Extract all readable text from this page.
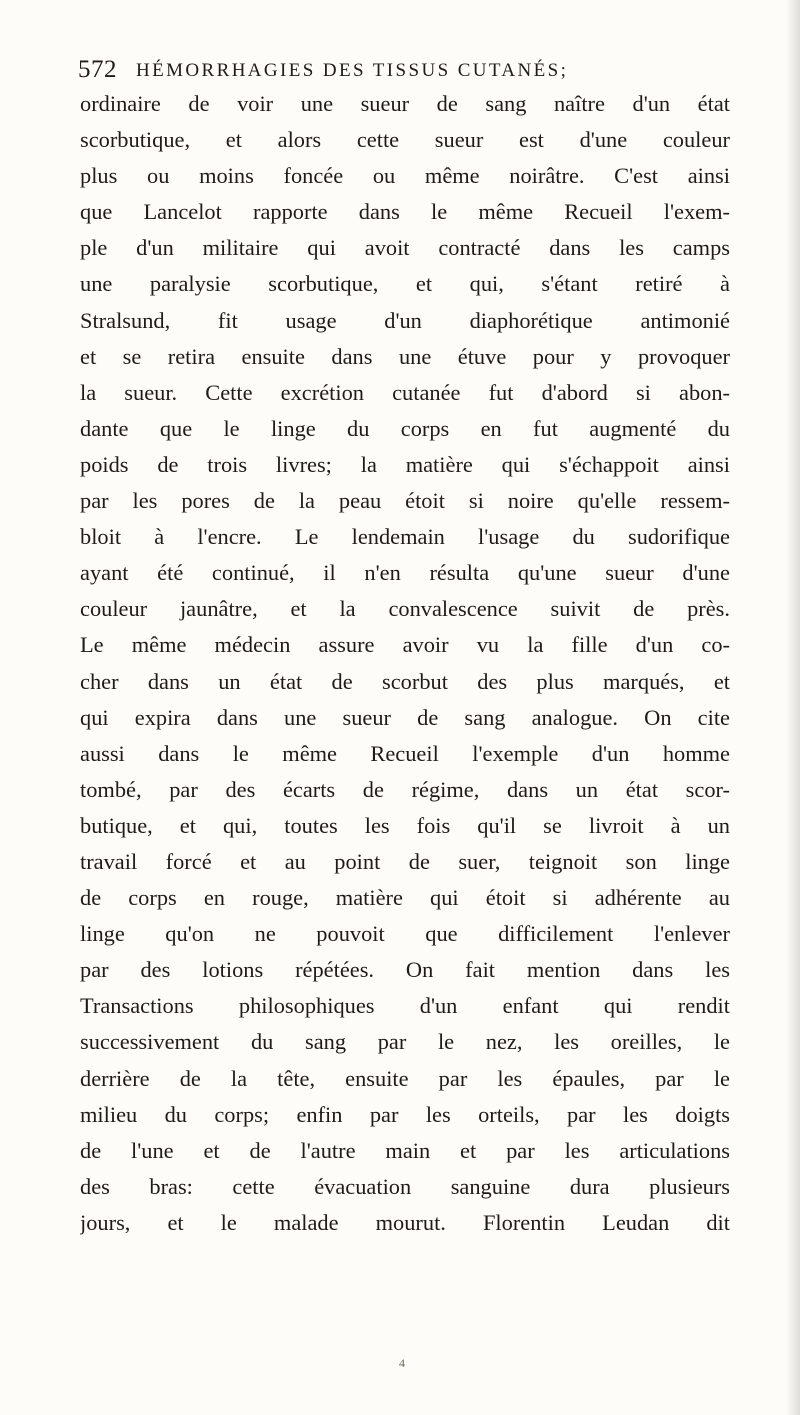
572 HÉMORRHAGIES DES TISSUS CUTANÉS;
ordinaire de voir une sueur de sang naître d'un état
scorbutique, et alors cette sueur est d'une couleur
plus ou moins foncée ou même noirâtre. C'est ainsi
que Lancelot rapporte dans le même Recueil l'exem-
ple d'un militaire qui avoit contracté dans les camps
une paralysie scorbutique, et qui, s'étant retiré à
Stralsund, fit usage d'un diaphorétique antimonié
et se retira ensuite dans une étuve pour y provoquer
la sueur. Cette excrétion cutanée fut d'abord si abon-
dante que le linge du corps en fut augmenté du
poids de trois livres; la matière qui s'échappoit ainsi
par les pores de la peau étoit si noire qu'elle ressem-
bloit à l'encre. Le lendemain l'usage du sudorifique
ayant été continué, il n'en résulta qu'une sueur d'une
couleur jaunâtre, et la convalescence suivit de près.
Le même médecin assure avoir vu la fille d'un co-
cher dans un état de scorbut des plus marqués, et
qui expira dans une sueur de sang analogue. On cite
aussi dans le même Recueil l'exemple d'un homme
tombé, par des écarts de régime, dans un état scor-
butique, et qui, toutes les fois qu'il se livroit à un
travail forcé et au point de suer, teignoit son linge
de corps en rouge, matière qui étoit si adhérente au
linge qu'on ne pouvoit que difficilement l'enlever
par des lotions répétées. On fait mention dans les
Transactions philosophiques d'un enfant qui rendit
successivement du sang par le nez, les oreilles, le
derrière de la tête, ensuite par les épaules, par le
milieu du corps; enfin par les orteils, par les doigts
de l'une et de l'autre main et par les articulations
des bras: cette évacuation sanguine dura plusieurs
jours, et le malade mourut. Florentin Leudan dit
4
